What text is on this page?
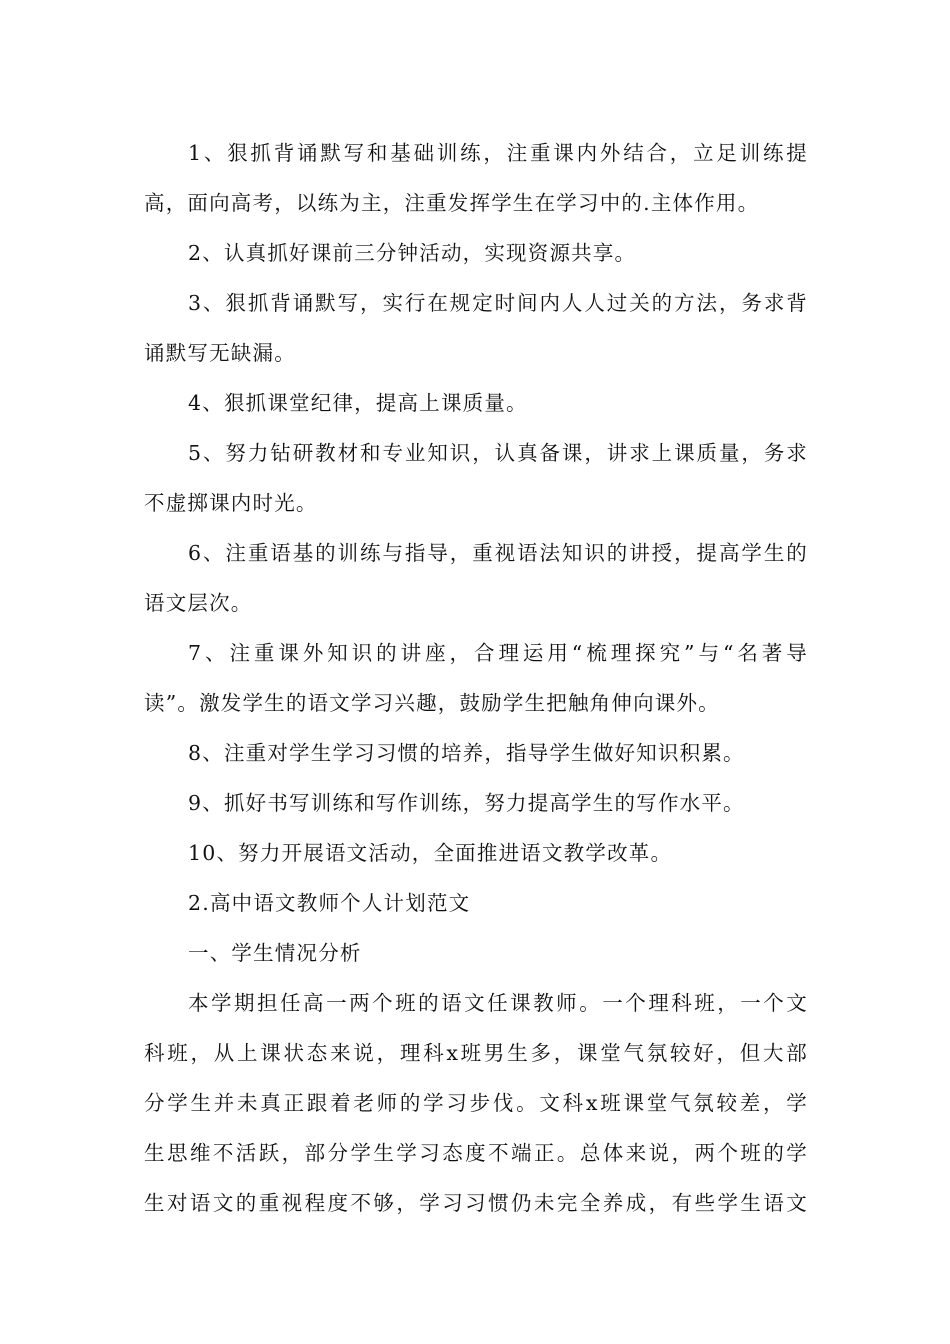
1、狠抓背诵默写和基础训练，注重课内外结合，立足训练提
高，面向高考，以练为主，注重发挥学生在学习中的.主体作用。
2、认真抓好课前三分钟活动，实现资源共享。
3、狠抓背诵默写，实行在规定时间内人人过关的方法，务求背
诵默写无缺漏。
4、狠抓课堂纪律，提高上课质量。
5、努力钻研教材和专业知识，认真备课，讲求上课质量，务求
不虚掷课内时光。
6、注重语基的训练与指导，重视语法知识的讲授，提高学生的
语文层次。
7、注重课外知识的讲座，合理运用“梳理探究”与“名著导
读”。激发学生的语文学习兴趣，鼓励学生把触角伸向课外。
8、注重对学生学习习惯的培养，指导学生做好知识积累。
9、抓好书写训练和写作训练，努力提高学生的写作水平。
10、努力开展语文活动，全面推进语文教学改革。
2.高中语文教师个人计划范文
一、学生情况分析
本学期担任高一两个班的语文任课教师。一个理科班，一个文
科班，从上课状态来说，理科x班男生多，课堂气氛较好，但大部
分学生并未真正跟着老师的学习步伐。文科x班课堂气氛较差，学
生思维不活跃，部分学生学习态度不端正。总体来说，两个班的学
生对语文的重视程度不够，学习习惯仍未完全养成，有些学生语文
